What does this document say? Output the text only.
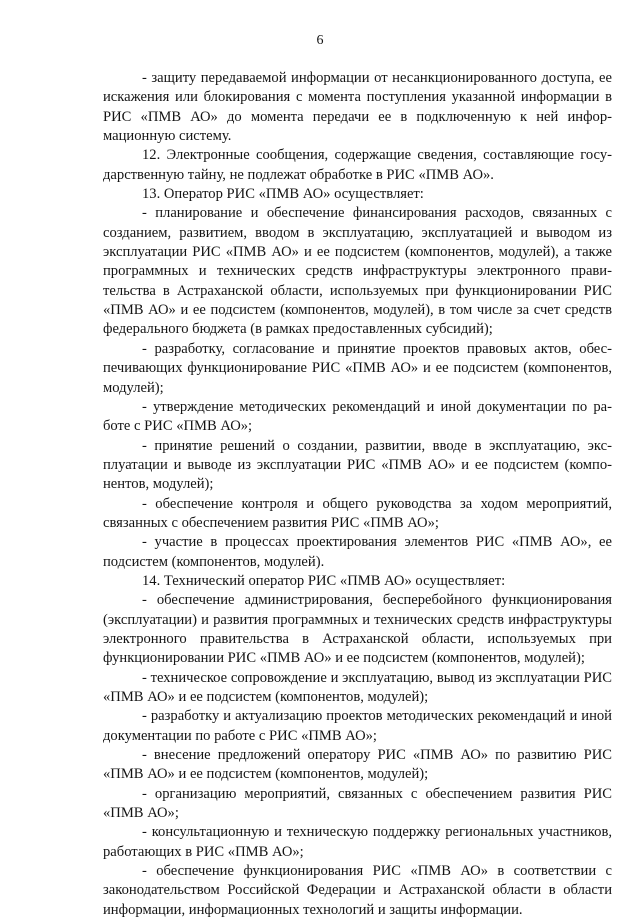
6

- защиту передаваемой информации от несанкционированного доступа, ее искажения или блокирования с момента поступления указанной информации в РИС «ПМВ АО» до момента передачи ее в подключенную к ней информационную систему.

12. Электронные сообщения, содержащие сведения, составляющие государственную тайну, не подлежат обработке в РИС «ПМВ АО».

13. Оператор РИС «ПМВ АО» осуществляет:

- планирование и обеспечение финансирования расходов, связанных с созданием, развитием, вводом в эксплуатацию, эксплуатацией и выводом из эксплуатации РИС «ПМВ АО» и ее подсистем (компонентов, модулей), а также программных и технических средств инфраструктуры электронного правительства в Астраханской области, используемых при функционировании РИС «ПМВ АО» и ее подсистем (компонентов, модулей), в том числе за счет средств федерального бюджета (в рамках предоставленных субсидий);

- разработку, согласование и принятие проектов правовых актов, обеспечивающих функционирование РИС «ПМВ АО» и ее подсистем (компонентов, модулей);

- утверждение методических рекомендаций и иной документации по работе с РИС «ПМВ АО»;

- принятие решений о создании, развитии, вводе в эксплуатацию, эксплуатации и выводе из эксплуатации РИС «ПМВ АО» и ее подсистем (компонентов, модулей);

- обеспечение контроля и общего руководства за ходом мероприятий, связанных с обеспечением развития РИС «ПМВ АО»;

- участие в процессах проектирования элементов РИС «ПМВ АО», ее подсистем (компонентов, модулей).

14. Технический оператор РИС «ПМВ АО» осуществляет:

- обеспечение администрирования, бесперебойного функционирования (эксплуатации) и развития программных и технических средств инфраструктуры электронного правительства в Астраханской области, используемых при функционировании РИС «ПМВ АО» и ее подсистем (компонентов, модулей);

- техническое сопровождение и эксплуатацию, вывод из эксплуатации РИС «ПМВ АО» и ее подсистем (компонентов, модулей);

- разработку и актуализацию проектов методических рекомендаций и иной документации по работе с РИС «ПМВ АО»;

- внесение предложений оператору РИС «ПМВ АО» по развитию РИС «ПМВ АО» и ее подсистем (компонентов, модулей);

- организацию мероприятий, связанных с обеспечением развития РИС «ПМВ АО»;

- консультационную и техническую поддержку региональных участников, работающих в РИС «ПМВ АО»;

- обеспечение функционирования РИС «ПМВ АО» в соответствии с законодательством Российской Федерации и Астраханской области в области информации, информационных технологий и защиты информации.
